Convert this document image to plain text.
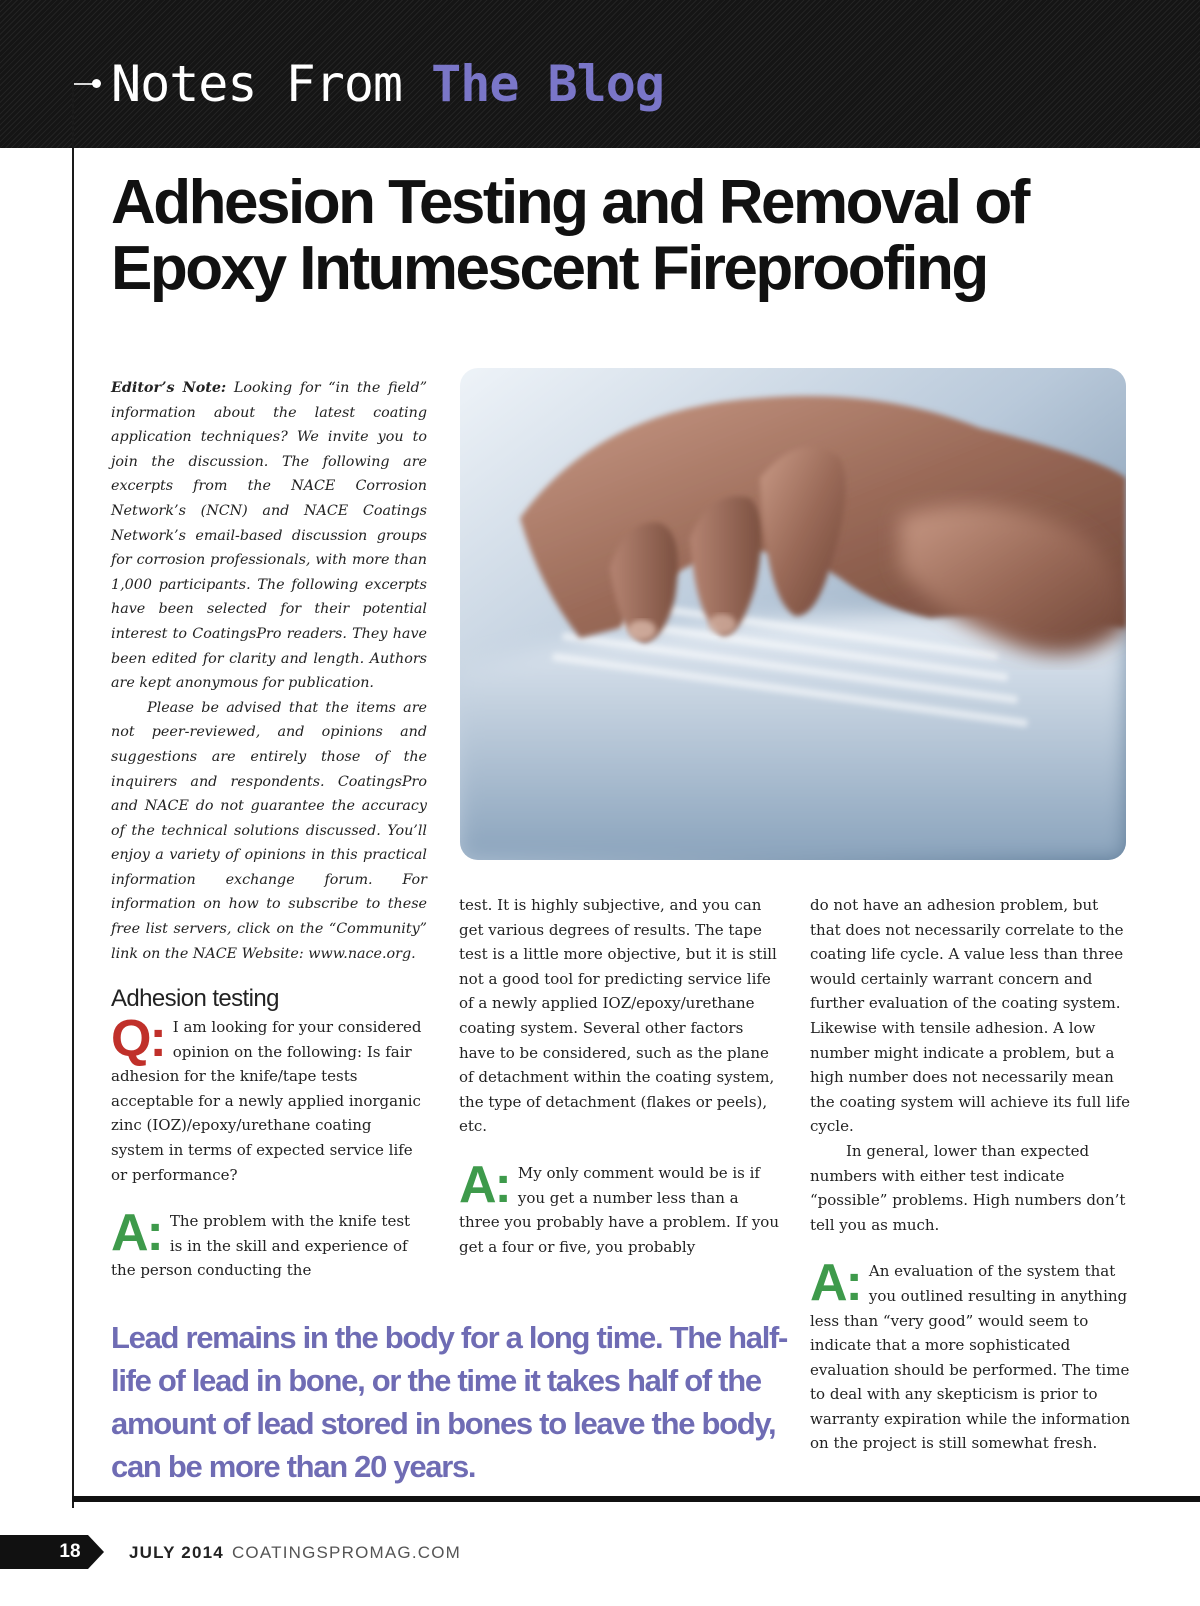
Notes From The Blog
Adhesion Testing and Removal of Epoxy Intumescent Fireproofing

Editor’s Note: Looking for “in the field” information about the latest coating application techniques? We invite you to join the discussion. The following are excerpts from the NACE Corrosion Network’s (NCN) and NACE Coatings Network’s email-based discussion groups for corrosion professionals, with more than 1,000 participants. The following excerpts have been selected for their potential interest to CoatingsPro readers. They have been edited for clarity and length. Authors are kept anonymous for publication.

Please be advised that the items are not peer-reviewed, and opinions and suggestions are entirely those of the inquirers and respondents. CoatingsPro and NACE do not guarantee the accuracy of the technical solutions discussed. You’ll enjoy a variety of opinions in this practical information exchange forum. For information on how to subscribe to these free list servers, click on the “Community” link on the NACE Website: www.nace.org.

Q: I am looking for your considered opinion on the following: Is fair adhesion for the knife/tape tests acceptable for a newly applied inorganic zinc (IOZ)/epoxy/urethane coating system in terms of expected service life or performance?

A: The problem with the knife test is in the skill and experience of the person conducting the

Adhesion testing

test. It is highly subjective, and you can get various degrees of results. The tape test is a little more objective, but it is still not a good tool for predicting service life of a newly applied IOZ/epoxy/urethane coating system. Several other factors have to be considered, such as the plane of detachment within the coating system, the type of detachment (flakes or peels), etc.

A: My only comment would be is if you get a number less than a three you probably have a problem. If you get a four or five, you probably

do not have an adhesion problem, but that does not necessarily correlate to the coating life cycle. A value less than three would certainly warrant concern and further evaluation of the coating system. Likewise with tensile adhesion. A low number might indicate a problem, but a high number does not necessarily mean the coating system will achieve its full life cycle.

In general, lower than expected numbers with either test indicate “possible” problems. High numbers don’t tell you as much.

A: An evaluation of the system that you outlined resulting in anything less than “very good” would seem to indicate that a more sophisticated evaluation should be performed. The time to deal with any skepticism is prior to warranty expiration while the information on the project is still somewhat fresh.

Lead remains in the body for a long time. The half-life of lead in bone, or the time it takes half of the amount of lead stored in bones to leave the body, can be more than 20 years.

18	JULY 2014 COATINGSPROMAG.COM
